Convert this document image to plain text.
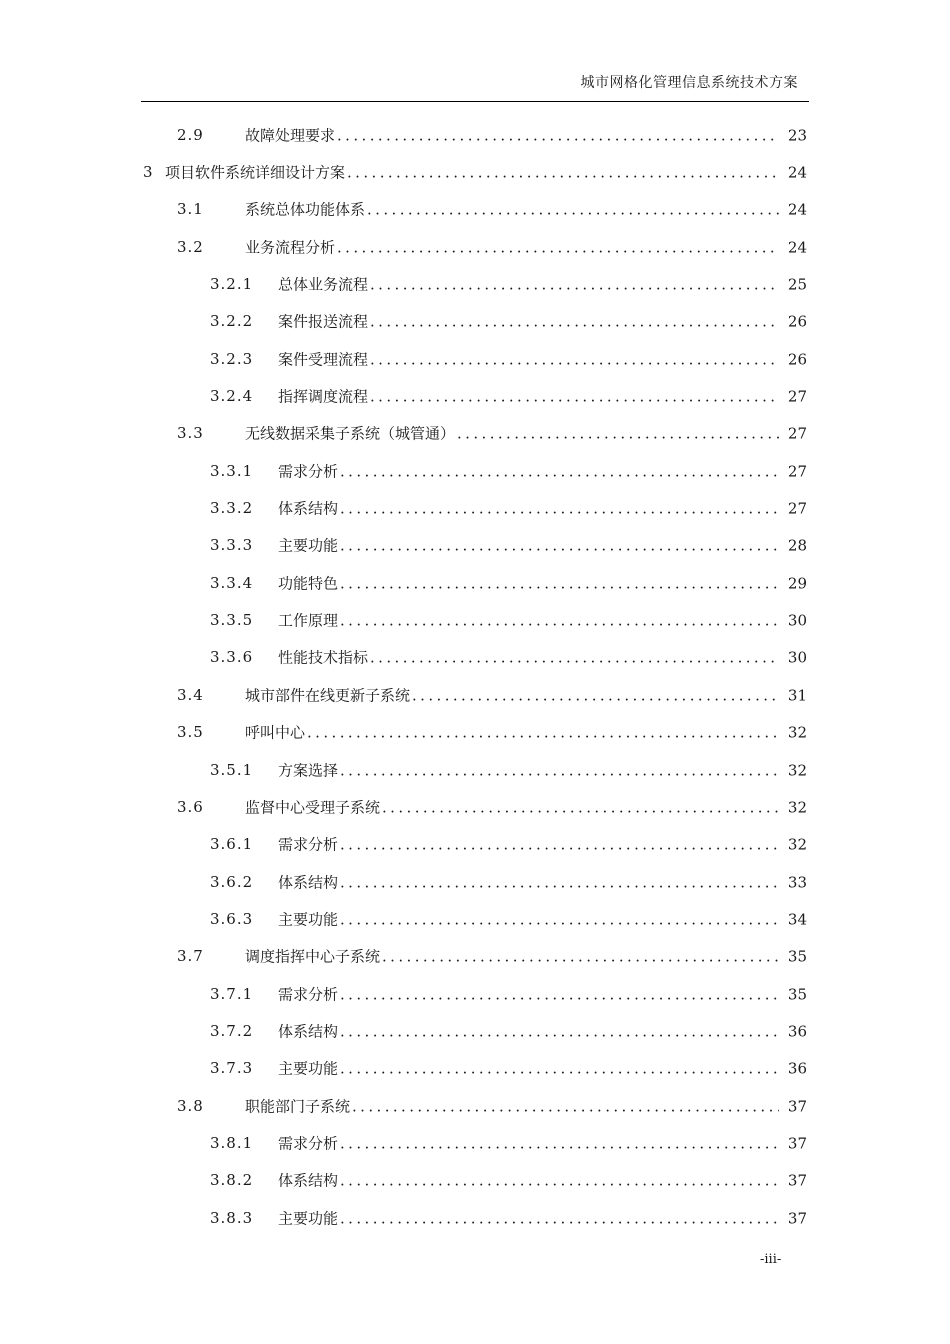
城市网格化管理信息系统技术方案
2.9	故障处理要求 .....	23
3 项目软件系统详细设计方案 .....	24
3.1	系统总体功能体系 .....	24
3.2	业务流程分析 .....	24
3.2.1 总体业务流程 .....	25
3.2.2 案件报送流程 .....	26
3.2.3 案件受理流程 .....	26
3.2.4 指挥调度流程 .....	27
3.3	无线数据采集子系统（城管通） .....	27
3.3.1 需求分析 .....	27
3.3.2 体系结构 .....	27
3.3.3 主要功能 .....	28
3.3.4 功能特色 .....	29
3.3.5 工作原理 .....	30
3.3.6 性能技术指标 .....	30
3.4	城市部件在线更新子系统 .....	31
3.5	呼叫中心 .....	32
3.5.1 方案选择 .....	32
3.6	监督中心受理子系统 .....	32
3.6.1 需求分析 .....	32
3.6.2 体系结构 .....	33
3.6.3 主要功能 .....	34
3.7	调度指挥中心子系统 .....	35
3.7.1 需求分析 .....	35
3.7.2 体系结构 .....	36
3.7.3 主要功能 .....	36
3.8	职能部门子系统 .....	37
3.8.1 需求分析 .....	37
3.8.2 体系结构 .....	37
3.8.3 主要功能 .....	37
-iii-
